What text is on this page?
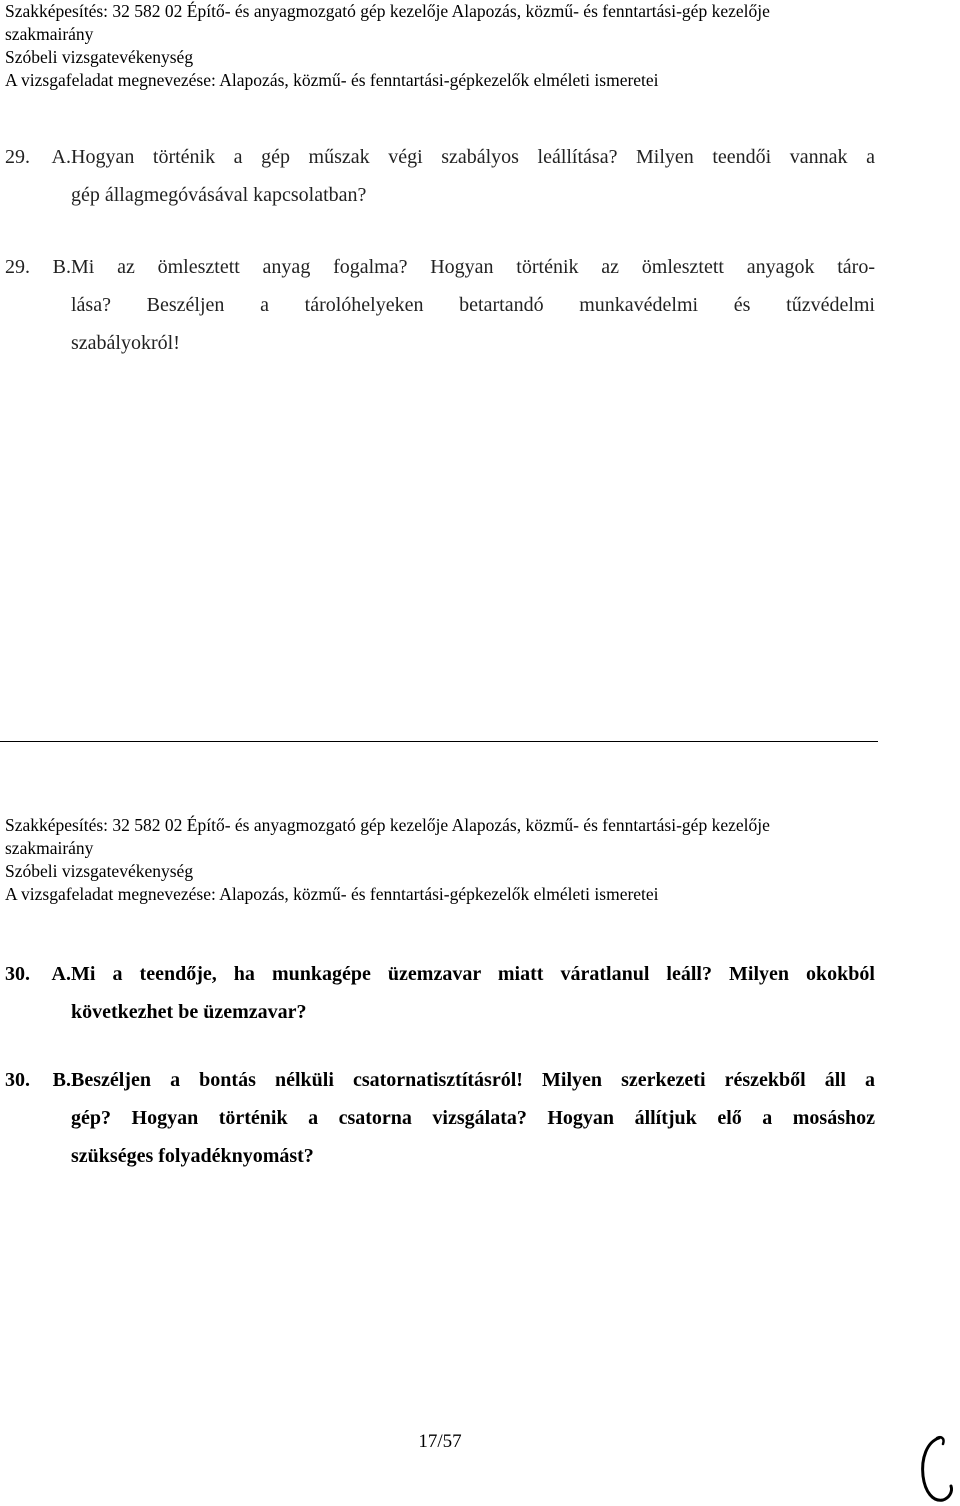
Szakképesítés: 32 582 02 Építő- és anyagmozgató gép kezelője Alapozás, közmű- és fenntartási-gép kezelője
szakmairány
Szóbeli vizsgatevékenység
A vizsgafeladat megnevezése: Alapozás, közmű- és fenntartási-gépkezelők elméleti ismeretei
29. A.Hogyan történik a gép műszak végi szabályos leállítása? Milyen teendői vannak a
gép állagmegóvásával kapcsolatban?
29. B.Mi az ömlesztett anyag fogalma? Hogyan történik az ömlesztett anyagok táro-
lása? Beszéljen a tárolóhelyeken betartandó munkavédelmi és tűzvédelmi
szabályokról!
Szakképesítés: 32 582 02 Építő- és anyagmozgató gép kezelője Alapozás, közmű- és fenntartási-gép kezelője
szakmairány
Szóbeli vizsgatevékenység
A vizsgafeladat megnevezése: Alapozás, közmű- és fenntartási-gépkezelők elméleti ismeretei
30. A.Mi a teendője, ha munkagépe üzemzavar miatt váratlanul leáll? Milyen okokból
következhet be üzemzavar?
30. B.Beszéljen a bontás nélküli csatornatisztításról! Milyen szerkezeti részekből áll a
gép? Hogyan történik a csatorna vizsgálata? Hogyan állítjuk elő a mosáshoz
szükséges folyadéknyomást?
17/57
